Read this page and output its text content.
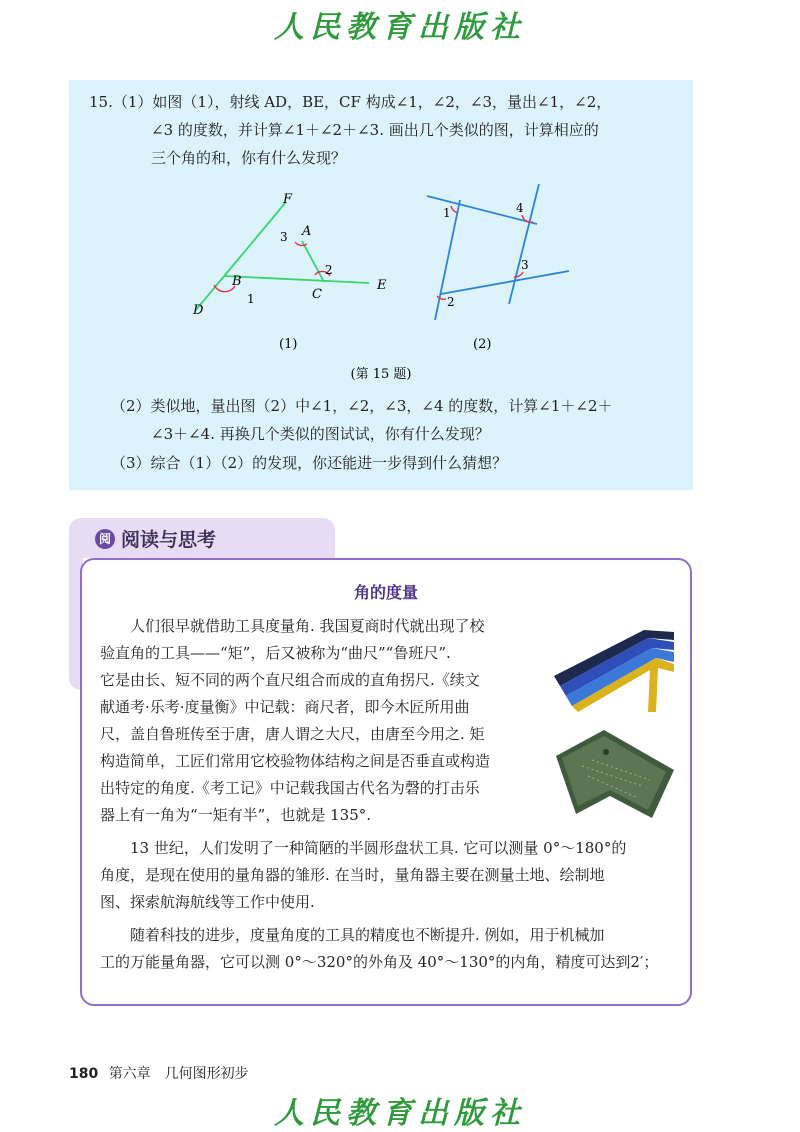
人民教育出版社
15.（1）如图（1），射线 AD，BE，CF 构成∠1，∠2，∠3，量出∠1，∠2，
∠3 的度数，并计算∠1＋∠2＋∠3. 画出几个类似的图，计算相应的
三个角的和，你有什么发现？
F
A
3
2
B
1	C
E
D
1	4
3
2
(1)	(2)
(第 15 题)
（2）类似地，量出图（2）中∠1，∠2，∠3，∠4 的度数，计算∠1＋∠2＋
∠3＋∠4. 再换几个类似的图试试，你有什么发现？
（3）综合（1）（2）的发现，你还能进一步得到什么猜想？
阅 阅读与思考
角的度量
人们很早就借助工具度量角. 我国夏商时代就出现了校
验直角的工具——“矩”，后又被称为“曲尺”“鲁班尺”.
它是由长、短不同的两个直尺组合而成的直角拐尺.《续文
献通考·乐考·度量衡》中记载：商尺者，即今木匠所用曲
尺，盖自鲁班传至于唐，唐人谓之大尺，由唐至今用之. 矩
构造简单，工匠们常用它校验物体结构之间是否垂直或构造
出特定的角度.《考工记》中记载我国古代名为磬的打击乐
器上有一角为“一矩有半”，也就是 135°.
13 世纪，人们发明了一种简陋的半圆形盘状工具. 它可以测量 0°～180°的
角度，是现在使用的量角器的雏形. 在当时，量角器主要在测量土地、绘制地
图、探索航海航线等工作中使用.
随着科技的进步，度量角度的工具的精度也不断提升. 例如，用于机械加
工的万能量角器，它可以测 0°～320°的外角及 40°～130°的内角，精度可达到2′；
180 第六章　几何图形初步
人民教育出版社
